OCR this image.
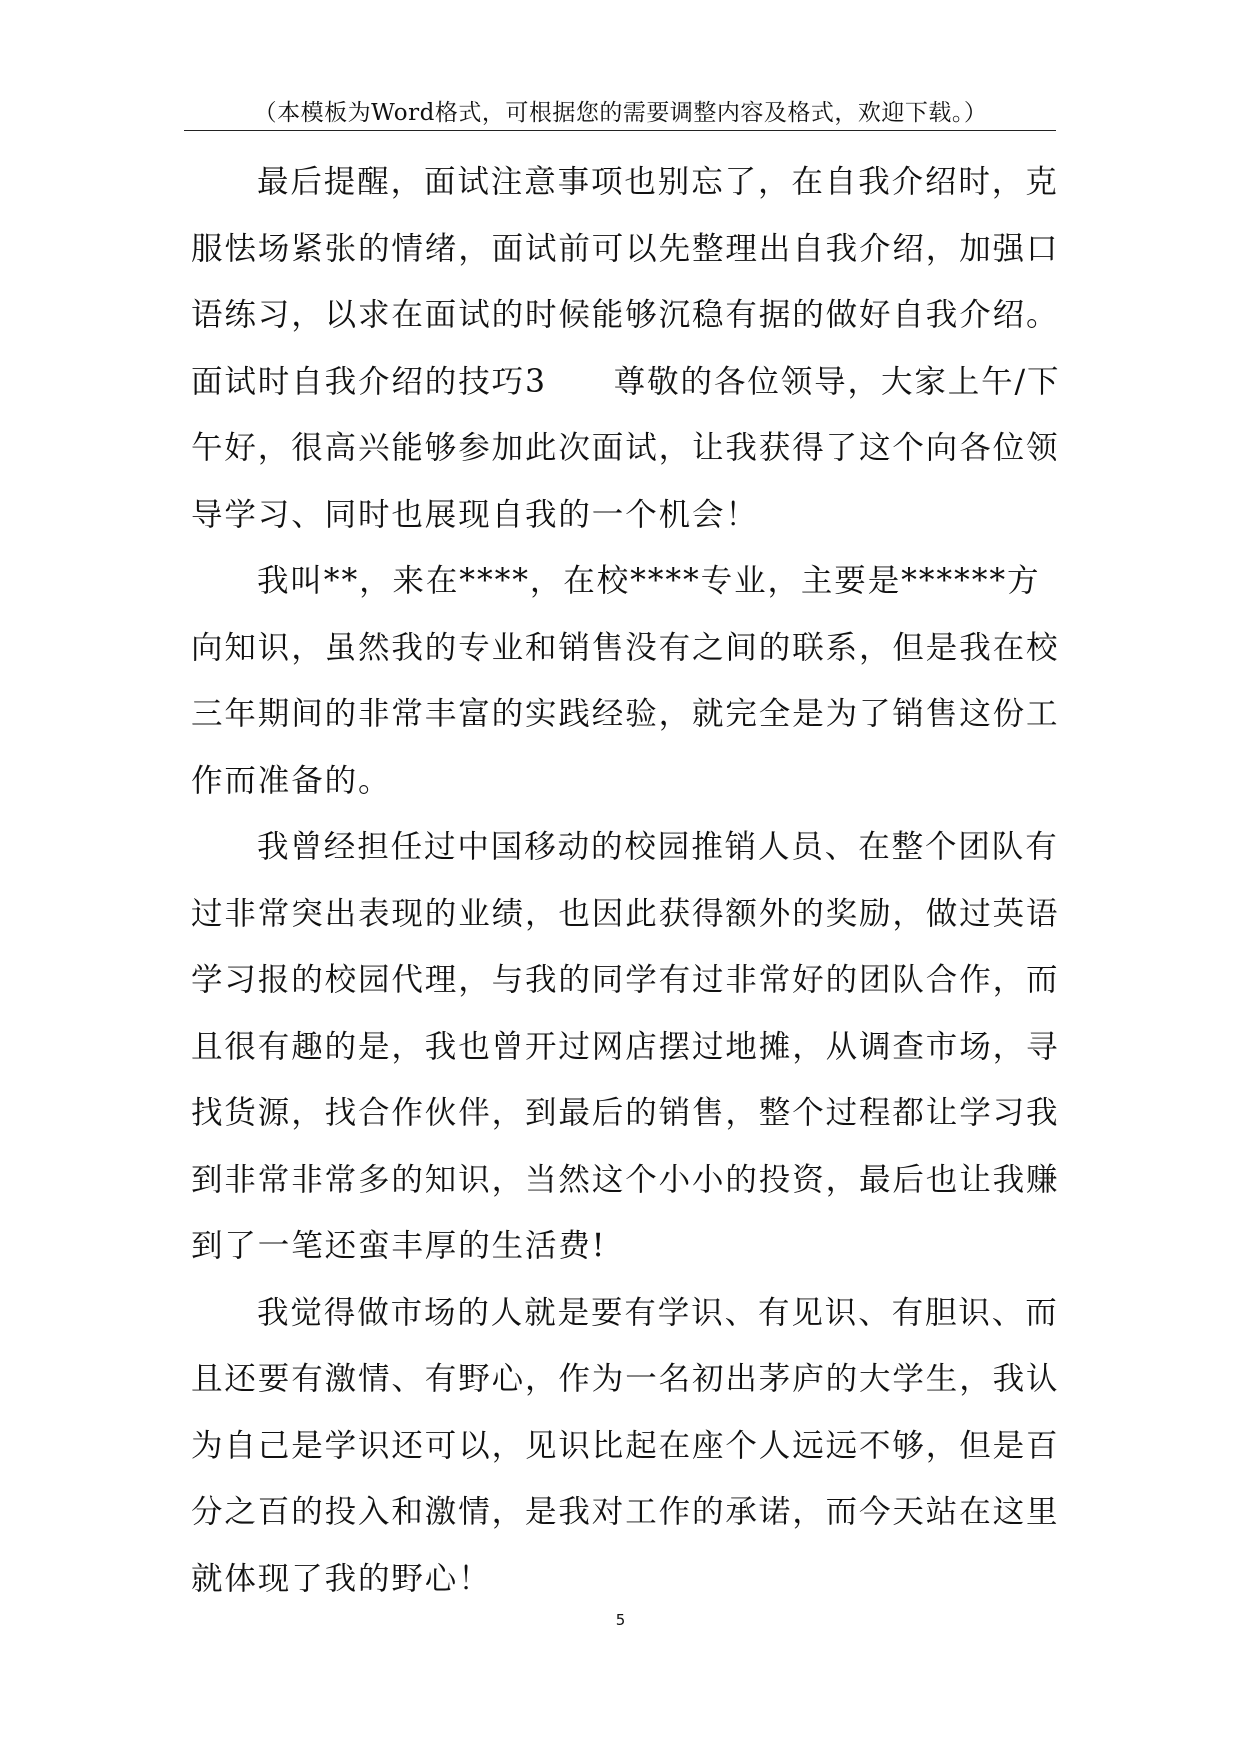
（本模板为Word格式，可根据您的需要调整内容及格式，欢迎下载。）

最后提醒，面试注意事项也别忘了，在自我介绍时，克服怯场紧张的情绪，面试前可以先整理出自我介绍，加强口语练习，以求在面试的时候能够沉稳有据的做好自我介绍。

面试时自我介绍的技巧3　　尊敬的各位领导，大家上午/下午好，很高兴能够参加此次面试，让我获得了这个向各位领导学习、同时也展现自我的一个机会！

我叫**，来在****，在校****专业，主要是******方向知识，虽然我的专业和销售没有之间的联系，但是我在校三年期间的非常丰富的实践经验，就完全是为了销售这份工作而准备的。

我曾经担任过中国移动的校园推销人员、在整个团队有过非常突出表现的业绩，也因此获得额外的奖励，做过英语学习报的校园代理，与我的同学有过非常好的团队合作，而且很有趣的是，我也曾开过网店摆过地摊，从调查市场，寻找货源，找合作伙伴，到最后的销售，整个过程都让学习我到非常非常多的知识，当然这个小小的投资，最后也让我赚到了一笔还蛮丰厚的生活费!

我觉得做市场的人就是要有学识、有见识、有胆识、而且还要有激情、有野心，作为一名初出茅庐的大学生，我认为自己是学识还可以，见识比起在座个人远远不够，但是百分之百的投入和激情，是我对工作的承诺，而今天站在这里就体现了我的野心！

5
